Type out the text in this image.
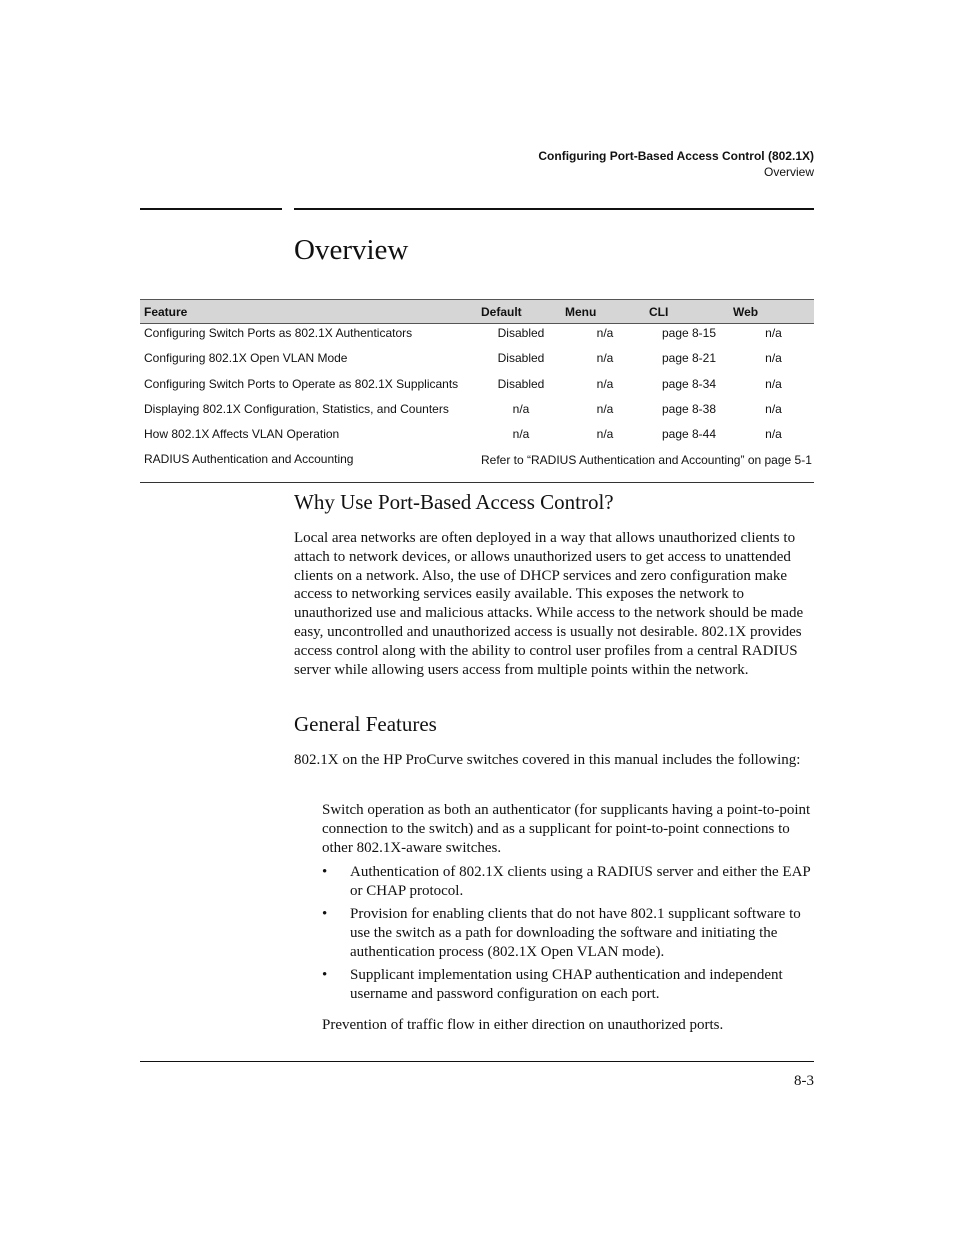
Configuring Port-Based Access Control (802.1X)
Overview
Overview
Feature	Default	Menu	CLI	Web
Configuring Switch Ports as 802.1X Authenticators	Disabled	n/a	page 8-15	n/a
Configuring 802.1X Open VLAN Mode	Disabled	n/a	page 8-21	n/a
Configuring Switch Ports to Operate as 802.1X Supplicants	Disabled	n/a	page 8-34	n/a
Displaying 802.1X Configuration, Statistics, and Counters	n/a	n/a	page 8-38	n/a
How 802.1X Affects VLAN Operation	n/a	n/a	page 8-44	n/a
RADIUS Authentication and Accounting	Refer to “RADIUS Authentication and Accounting” on page 5-1			
Why Use Port-Based Access Control?

Local area networks are often deployed in a way that allows unauthorized clients to attach to network devices, or allows unauthorized users to get access to unattended clients on a network. Also, the use of DHCP services and zero configuration make access to networking services easily available. This exposes the network to unauthorized use and malicious attacks. While access to the network should be made easy, uncontrolled and unauthorized access is usually not desirable. 802.1X provides access control along with the ability to control user profiles from a central RADIUS server while allowing users access from multiple points within the network.

General Features

802.1X on the HP ProCurve switches covered in this manual includes the following:

Switch operation as both an authenticator (for supplicants having a point-to-point connection to the switch) and as a supplicant for point-to-point connections to other 802.1X-aware switches.

• Authentication of 802.1X clients using a RADIUS server and either the EAP or CHAP protocol.
• Provision for enabling clients that do not have 802.1 supplicant software to use the switch as a path for downloading the software and initiating the authentication process (802.1X Open VLAN mode).
• Supplicant implementation using CHAP authentication and independent username and password configuration on each port.

Prevention of traffic flow in either direction on unauthorized ports.

8-3
